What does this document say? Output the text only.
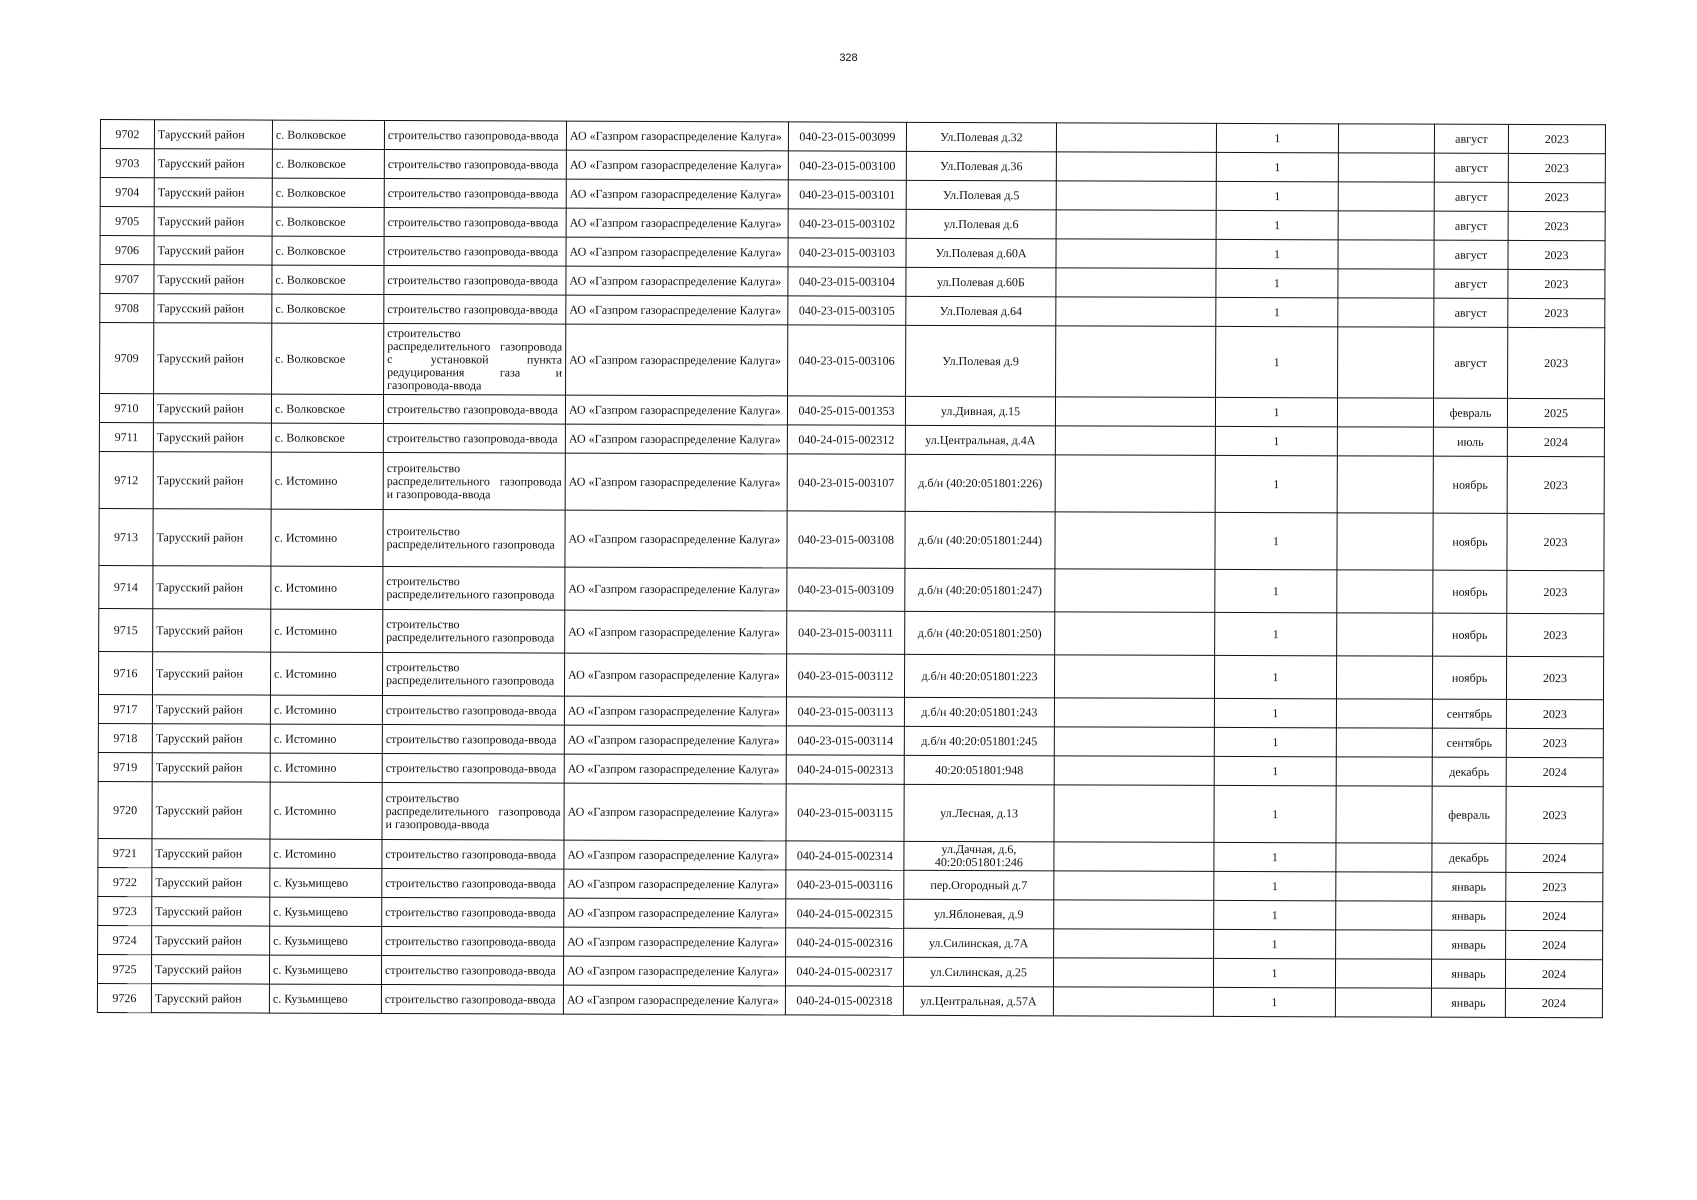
328
9702	Тарусский район	с. Волковское	строительство газопровода-ввода	АО «Газпром газораспределение Калуга»	040-23-015-003099	Ул.Полевая д.32		1		август	2023
9703	Тарусский район	с. Волковское	строительство газопровода-ввода	АО «Газпром газораспределение Калуга»	040-23-015-003100	Ул.Полевая д.36		1		август	2023
9704	Тарусский район	с. Волковское	строительство газопровода-ввода	АО «Газпром газораспределение Калуга»	040-23-015-003101	Ул.Полевая д.5		1		август	2023
9705	Тарусский район	с. Волковское	строительство газопровода-ввода	АО «Газпром газораспределение Калуга»	040-23-015-003102	ул.Полевая д.6		1		август	2023
9706	Тарусский район	с. Волковское	строительство газопровода-ввода	АО «Газпром газораспределение Калуга»	040-23-015-003103	Ул.Полевая д.60А		1		август	2023
9707	Тарусский район	с. Волковское	строительство газопровода-ввода	АО «Газпром газораспределение Калуга»	040-23-015-003104	ул.Полевая д.60Б		1		август	2023
9708	Тарусский район	с. Волковское	строительство газопровода-ввода	АО «Газпром газораспределение Калуга»	040-23-015-003105	Ул.Полевая д.64		1		август	2023
9709	Тарусский район	с. Волковское	строительство распределительного газопровода с установкой пункта редуцирования газа и газопровода-ввода	АО «Газпром газораспределение Калуга»	040-23-015-003106	Ул.Полевая д.9		1		август	2023
9710	Тарусский район	с. Волковское	строительство газопровода-ввода	АО «Газпром газораспределение Калуга»	040-25-015-001353	ул.Дивная, д.15		1		февраль	2025
9711	Тарусский район	с. Волковское	строительство газопровода-ввода	АО «Газпром газораспределение Калуга»	040-24-015-002312	ул.Центральная, д.4А		1		июль	2024
9712	Тарусский район	с. Истомино	строительство распределительного газопровода и газопровода-ввода	АО «Газпром газораспределение Калуга»	040-23-015-003107	д.б/н (40:20:051801:226)		1		ноябрь	2023
9713	Тарусский район	с. Истомино	строительство распределительного газопровода	АО «Газпром газораспределение Калуга»	040-23-015-003108	д.б/н (40:20:051801:244)		1		ноябрь	2023
9714	Тарусский район	с. Истомино	строительство распределительного газопровода	АО «Газпром газораспределение Калуга»	040-23-015-003109	д.б/н (40:20:051801:247)		1		ноябрь	2023
9715	Тарусский район	с. Истомино	строительство распределительного газопровода	АО «Газпром газораспределение Калуга»	040-23-015-003111	д.б/н (40:20:051801:250)		1		ноябрь	2023
9716	Тарусский район	с. Истомино	строительство распределительного газопровода	АО «Газпром газораспределение Калуга»	040-23-015-003112	д.б/н 40:20:051801:223		1		ноябрь	2023
9717	Тарусский район	с. Истомино	строительство газопровода-ввода	АО «Газпром газораспределение Калуга»	040-23-015-003113	д.б/н 40:20:051801:243		1		сентябрь	2023
9718	Тарусский район	с. Истомино	строительство газопровода-ввода	АО «Газпром газораспределение Калуга»	040-23-015-003114	д.б/н 40:20:051801:245		1		сентябрь	2023
9719	Тарусский район	с. Истомино	строительство газопровода-ввода	АО «Газпром газораспределение Калуга»	040-24-015-002313	40:20:051801:948		1		декабрь	2024
9720	Тарусский район	с. Истомино	строительство распределительного газопровода и газопровода-ввода	АО «Газпром газораспределение Калуга»	040-23-015-003115	ул.Лесная, д.13		1		февраль	2023
9721	Тарусский район	с. Истомино	строительство газопровода-ввода	АО «Газпром газораспределение Калуга»	040-24-015-002314	ул.Дачная, д.6, 40:20:051801:246		1		декабрь	2024
9722	Тарусский район	с. Кузьмищево	строительство газопровода-ввода	АО «Газпром газораспределение Калуга»	040-23-015-003116	пер.Огородный д.7		1		январь	2023
9723	Тарусский район	с. Кузьмищево	строительство газопровода-ввода	АО «Газпром газораспределение Калуга»	040-24-015-002315	ул.Яблоневая, д.9		1		январь	2024
9724	Тарусский район	с. Кузьмищево	строительство газопровода-ввода	АО «Газпром газораспределение Калуга»	040-24-015-002316	ул.Силинская, д.7А		1		январь	2024
9725	Тарусский район	с. Кузьмищево	строительство газопровода-ввода	АО «Газпром газораспределение Калуга»	040-24-015-002317	ул.Силинская, д.25		1		январь	2024
9726	Тарусский район	с. Кузьмищево	строительство газопровода-ввода	АО «Газпром газораспределение Калуга»	040-24-015-002318	ул.Центральная, д.57А		1		январь	2024
